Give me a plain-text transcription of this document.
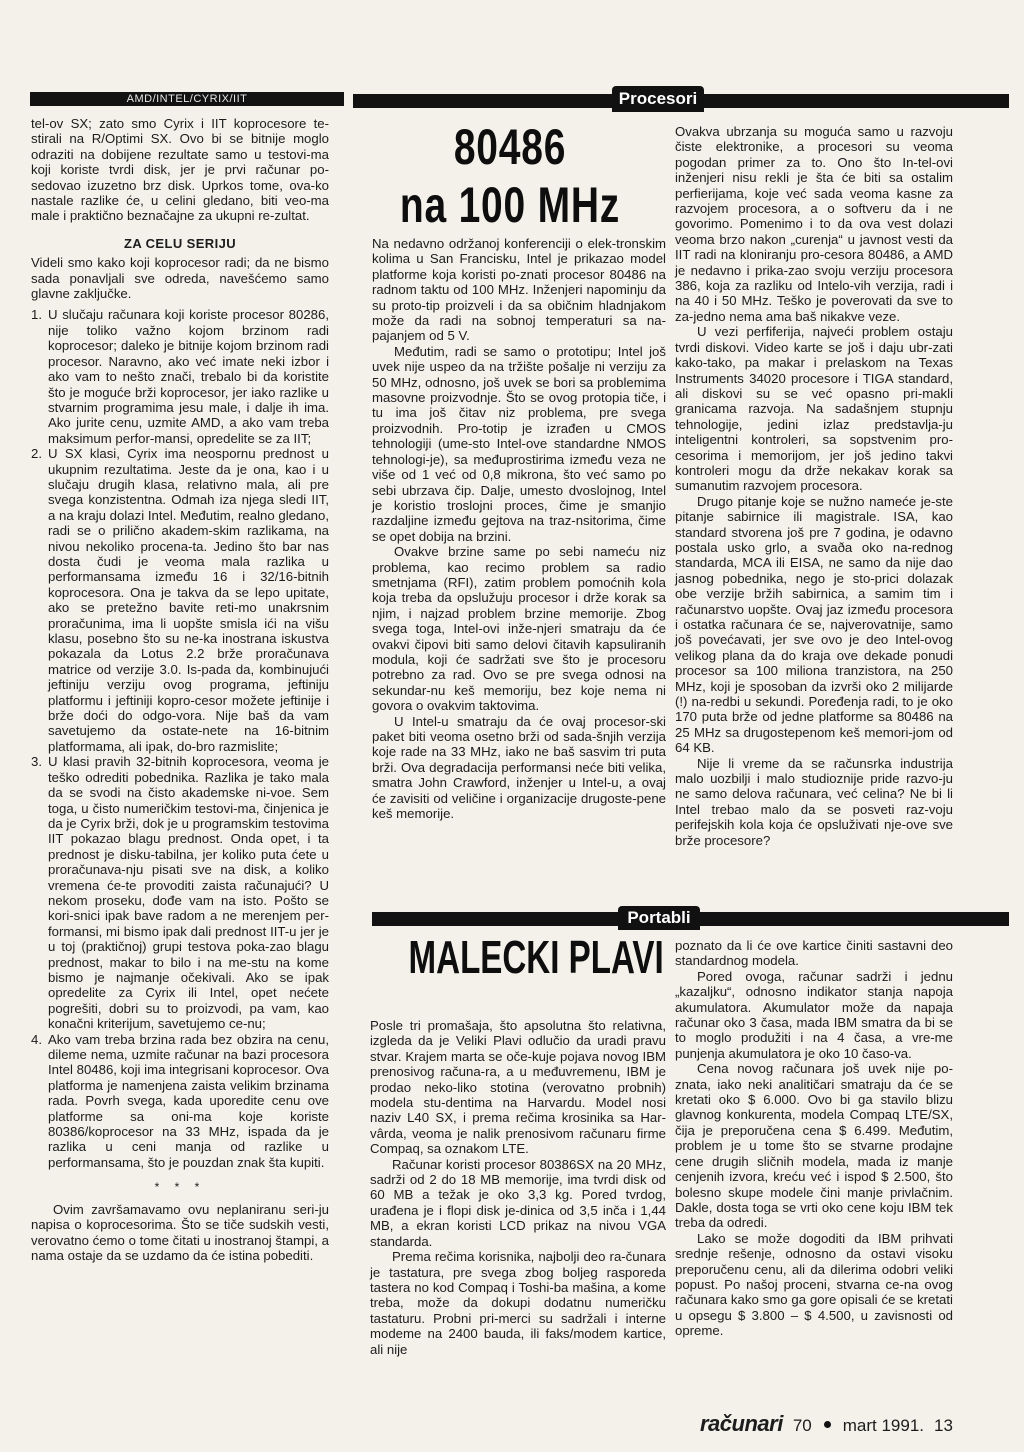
AMD/INTEL/CYRIX/IIT

tel-ov SX; zato smo Cyrix i IIT koprocesore te-stirali na R/Optimi SX. Ovo bi se bitnije moglo odraziti na dobijene rezultate samo u testovi-ma koji koriste tvrdi disk, jer je prvi računar po-sedovao izuzetno brz disk. Uprkos tome, ova-ko nastale razlike će, u celini gledano, biti veo-ma male i praktično beznačajne za ukupni re-zultat.

ZA CELU SERIJU

Videli smo kako koji koprocesor radi; da ne bismo sada ponavljali sve odreda, navešćemo samo glavne zaključke.

1. U slučaju računara koji koriste procesor 80286, nije toliko važno kojom brzinom radi koprocesor; daleko je bitnije kojom brzinom radi procesor. Naravno, ako već imate neki izbor i ako vam to nešto znači, trebalo bi da koristite što je moguće brži koprocesor, jer iako razlike u stvarnim programima jesu male, i dalje ih ima. Ako jurite cenu, uzmite AMD, a ako vam treba maksimum perfor-mansi, opredelite se za IIT;
2. U SX klasi, Cyrix ima neospornu prednost u ukupnim rezultatima. Jeste da je ona, kao i u slučaju drugih klasa, relativno mala, ali pre svega konzistentna. Odmah iza njega sledi IIT, a na kraju dolazi Intel. Međutim, realno gledano, radi se o prilično akadem-skim razlikama, na nivou nekoliko procena-ta. Jedino što bar nas dosta čudi je veoma mala razlika u performansama između 16 i 32/16-bitnih koprocesora. Ona je takva da se lepo upitate, ako se pretežno bavite reti-mo unakrsnim proračunima, ima li uopšte smisla ići na višu klasu, posebno što su ne-ka inostrana iskustva pokazala da Lotus 2.2 brže proračunava matrice od verzije 3.0. Is-pada da, kombinujući jeftiniju verziju ovog programa, jeftiniju platformu i jeftiniji kopro-cesor možete jeftinije i brže doći do odgo-vora. Nije baš da vam savetujemo da ostate-nete na 16-bitnim platformama, ali ipak, do-bro razmislite;
3. U klasi pravih 32-bitnih koprocesora, veoma je teško odrediti pobednika. Razlika je tako mala da se svodi na čisto akademske ni-voe. Sem toga, u čisto numeričkim testovi-ma, činjenica je da je Cyrix brži, dok je u programskim testovima IIT pokazao blagu prednost. Onda opet, i ta prednost je disku-tabilna, jer koliko puta ćete u proračunava-nju pisati sve na disk, a koliko vremena će-te provoditi zaista računajući? U nekom proseku, dođe vam na isto. Pošto se kori-snici ipak bave radom a ne merenjem per-formansi, mi bismo ipak dali prednost IIT-u jer je u toj (praktičnoj) grupi testova poka-zao blagu prednost, makar to bilo i na me-stu na kome bismo je najmanje očekivali. Ako se ipak opredelite za Cyrix ili Intel, opet nećete pogrešiti, dobri su to proizvodi, pa vam, kao konačni kriterijum, savetujemo ce-nu;
4. Ako vam treba brzina rada bez obzira na cenu, dileme nema, uzmite računar na bazi procesora Intel 80486, koji ima integrisani koprocesor. Ova platforma je namenjena zaista velikim brzinama rada. Povrh svega, kada uporedite cenu ove platforme sa oni-ma koje koriste 80386/koprocesor na 33 MHz, ispada da je razlika u ceni manja od razlike u performansama, što je pouzdan znak šta kupiti.
* * *

Ovim završamavamo ovu neplaniranu seri-ju napisa o koprocesorima. Što se tiče sudskih vesti, verovatno ćemo o tome čitati u inostranoj štampi, a nama ostaje da se uzdamo da će istina pobediti.

Procesori
80486
na 100 MHz

Na nedavno održanoj konferenciji o elek-tronskim kolima u San Francisku, Intel je prikazao model platforme koja koristi po-znati procesor 80486 na radnom taktu od 100 MHz. Inženjeri napominju da su proto-tip proizveli i da sa običnim hladnjakom može da radi na sobnoj temperaturi sa na-pajanjem od 5 V.

Međutim, radi se samo o prototipu; Intel još uvek nije uspeo da na tržište pošalje ni verziju za 50 MHz, odnosno, još uvek se bori sa problemima masovne proizvodnje. Što se ovog protopia tiče, i tu ima još čitav niz problema, pre svega proizvodnih. Pro-totip je izrađen u CMOS tehnologiji (ume-sto Intel-ove standardne NMOS tehnologi-je), sa međuprostirima između veza ne više od 1 već od 0,8 mikrona, što već samo po sebi ubrzava čip. Dalje, umesto dvoslojnog, Intel je koristio troslojni proces, čime je smanjio razdaljine između gejtova na traz-nsitorima, čime se opet dobija na brzini.

Ovakve brzine same po sebi nameću niz problema, kao recimo problem sa radio smetnjama (RFI), zatim problem pomoćnih kola koja treba da opslužuju procesor i drže korak sa njim, i najzad problem brzine memorije. Zbog svega toga, Intel-ovi inže-njeri smatraju da će ovakvi čipovi biti samo delovi čitavih kapsuliranih modula, koji će sadržati sve što je procesoru potrebno za rad. Ovo se pre svega odnosi na sekundar-nu keš memoriju, bez koje nema ni govora o ovakvim taktovima.

U Intel-u smatraju da će ovaj procesor-ski paket biti veoma osetno brži od sada-šnjih verzija koje rade na 33 MHz, iako ne baš sasvim tri puta brži. Ova degradacija performansi neće biti velika, smatra John Crawford, inženjer u Intel-u, a ovaj će zavisiti od veličine i organizacije drugoste-pene keš memorije.

Ovakva ubrzanja su moguća samo u razvoju čiste elektronike, a procesori su veoma pogodan primer za to. Ono što In-tel-ovi inženjeri nisu rekli je šta će biti sa ostalim perfierijama, koje već sada veoma kasne za razvojem procesora, a o softveru da i ne govorimo. Pomenimo i to da ova vest dolazi veoma brzo nakon „curenja“ u javnost vesti da IIT radi na kloniranju pro-cesora 80486, a AMD je nedavno i prika-zao svoju verziju procesora 386, koja za razliku od Intelo-vih verzija, radi i na 40 i 50 MHz. Teško je poverovati da sve to za-jedno nema ama baš nikakve veze.

U vezi perfiferija, najveći problem ostaju tvrdi diskovi. Video karte se još i daju ubr-zati kako-tako, pa makar i prelaskom na Texas Instruments 34020 procesore i TIGA standard, ali diskovi su se već opasno pri-makli granicama razvoja. Na sadašnjem stupnju tehnologije, jedini izlaz predstavlja-ju inteligentni kontroleri, sa sopstvenim pro-cesorima i memorijom, jer još jedino takvi kontroleri mogu da drže nekakav korak sa sumanutim razvojem procesora.

Drugo pitanje koje se nužno nameće je-ste pitanje sabirnice ili magistrale. ISA, kao standard stvorena još pre 7 godina, je odavno postala usko grlo, a svaða oko na-rednog standarda, MCA ili EISA, ne samo da nije dao jasnog pobednika, nego je sto-prici dolazak obe verzije bržih sabirnica, a samim tim i računarstvo uopšte. Ovaj jaz između procesora i ostatka računara će se, najverovatnije, samo još povećavati, jer sve ovo je deo Intel-ovog velikog plana da do kraja ove dekade ponudi procesor sa 100 miliona tranzistora, na 250 MHz, koji je sposoban da izvrši oko 2 milijarde (!) na-redbi u sekundi. Poređenja radi, to je oko 170 puta brže od jedne platforme sa 80486 na 25 MHz sa drugostepenom keš memori-jom od 64 KB.

Nije li vreme da se računsrka industrija malo uozbilji i malo studioznije pride razvo-ju ne samo delova računara, već celina? Ne bi li Intel trebao malo da se posveti raz-voju perifejskih kola koja će opsluživati nje-ove sve brže procesore?

Portabli
MALECKI PLAVI

Posle tri promašaja, što apsolutna što relativna, izgleda da je Veliki Plavi odlučio da uradi pravu stvar. Krajem marta se oče-kuje pojava novog IBM prenosivog računa-ra, a u međuvremenu, IBM je prodao neko-liko stotina (verovatno probnih) modela stu-dentima na Harvardu. Model nosi naziv L40 SX, i prema rečima krosinika sa Har-vârda, veoma je nalik prenosivom računaru firme Compaq, sa oznakom LTE.

Računar koristi procesor 80386SX na 20 MHz, sadrži od 2 do 18 MB memorije, ima tvrdi disk od 60 MB a težak je oko 3,3 kg. Pored tvrdog, urađena je i flopi disk je-dinica od 3,5 inča i 1,44 MB, a ekran koristi LCD prikaz na nivou VGA standarda.

Prema rečima korisnika, najbolji deo ra-čunara je tastatura, pre svega zbog boljeg rasporeda tastera no kod Compaq i Toshi-ba mašina, a kome treba, može da dokupi dodatnu numeričku tastaturu. Probni pri-merci su sadržali i interne modeme na 2400 bauda, ili faks/modem kartice, ali nije

poznato da li će ove kartice činiti sastavni deo standardnog modela.

Pored ovoga, računar sadrži i jednu „kazaljku“, odnosno indikator stanja napoja akumulatora. Akumulator može da napaja računar oko 3 časa, mada IBM smatra da bi se to moglo produžiti i na 4 časa, a vre-me punjenja akumulatora je oko 10 časo-va.

Cena novog računara još uvek nije po-znata, iako neki analitičari smatraju da će se kretati oko $ 6.000. Ovo bi ga stavilo blizu glavnog konkurenta, modela Compaq LTE/SX, čija je preporučena cena $ 6.499. Međutim, problem je u tome što se stvarne prodajne cene drugih sličnih modela, mada iz manje cenjenih izvora, kreću već i ispod $ 2.500, što bolesno skupe modele čini manje privlačnim. Dakle, dosta toga se vrti oko cene koju IBM tek treba da odredi.

Lako se može dogoditi da IBM prihvati srednje rešenje, odnosno da ostavi visoku preporučenu cenu, ali da dilerima odobri veliki popust. Po našoj proceni, stvarna ce-na ovog računara kako smo ga gore opisali će se kretati u opsegu $ 3.800 – $ 4.500, u zavisnosti od opreme.

računari 70 mart 1991. 13
